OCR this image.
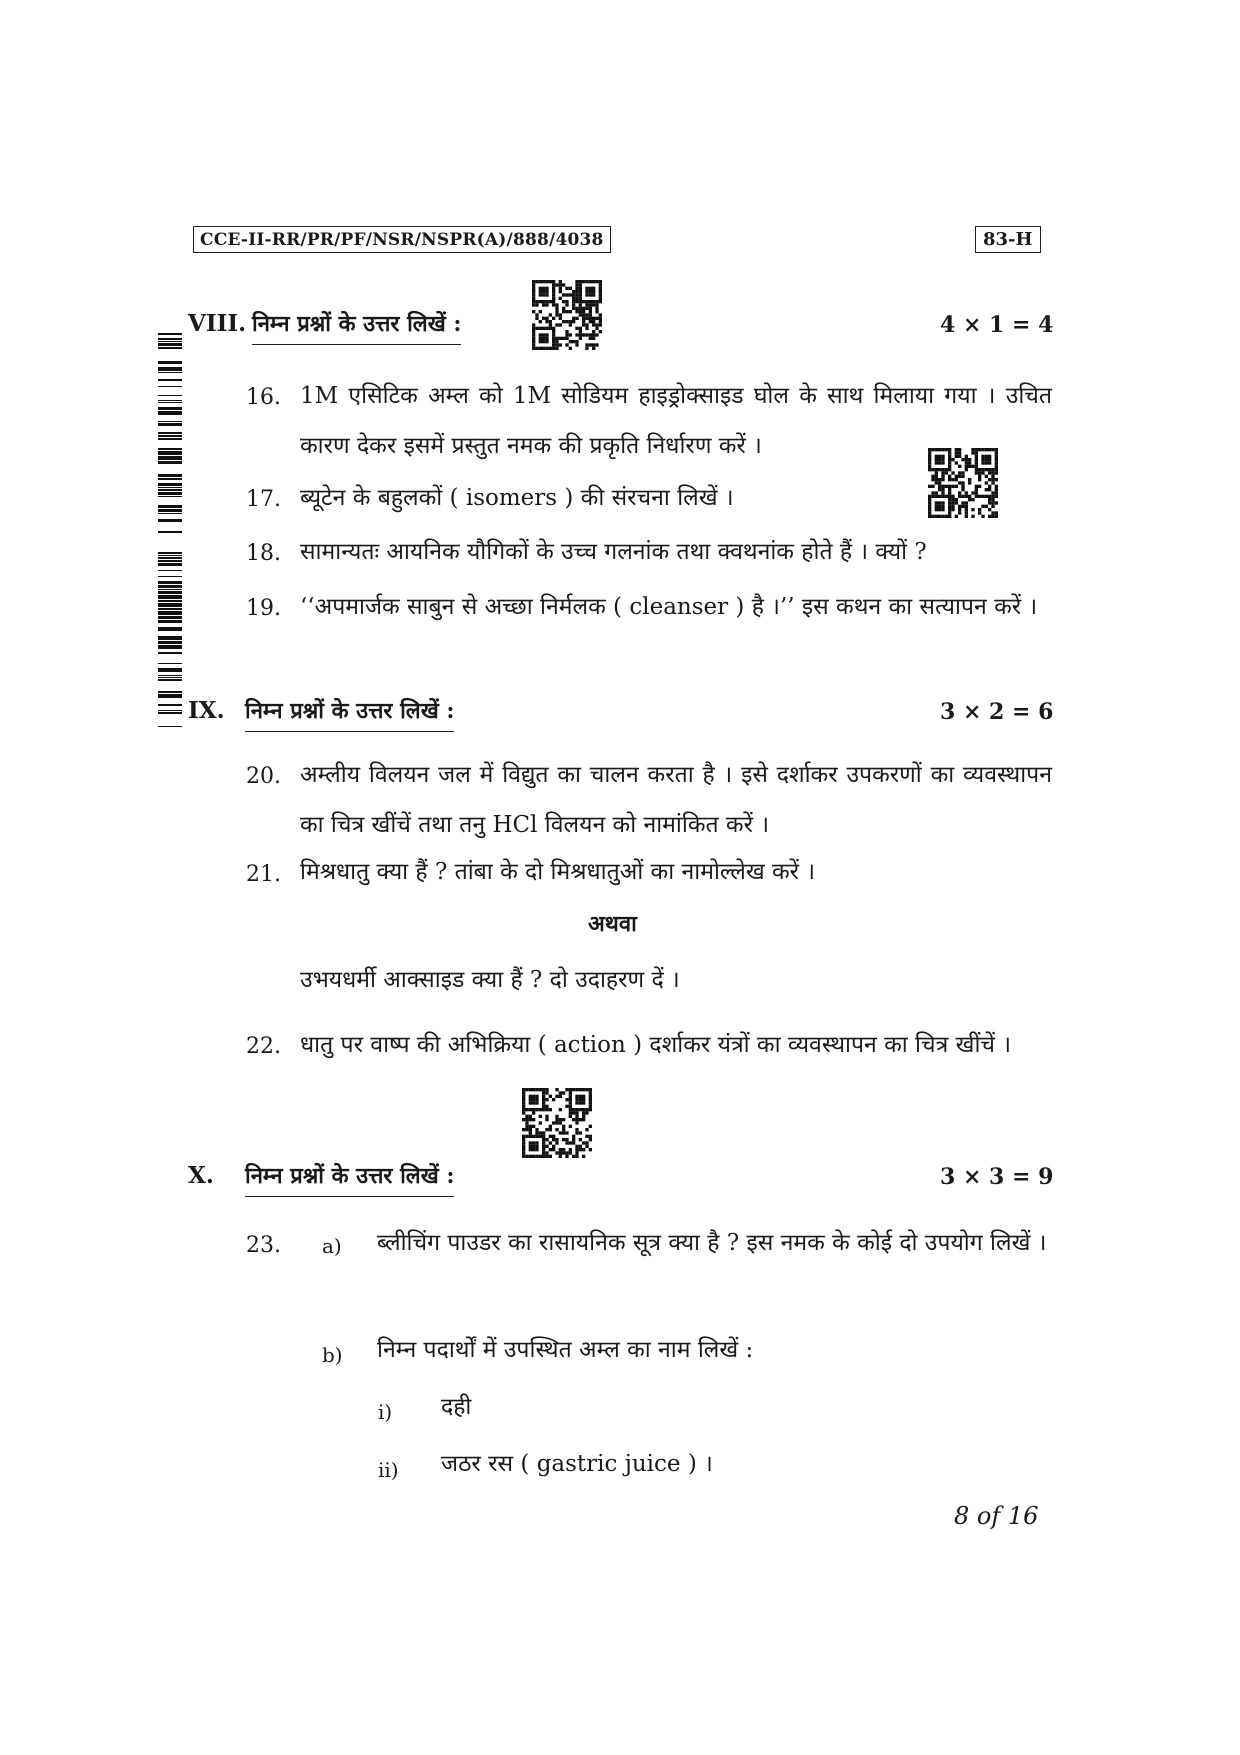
CCE-II-RR/PR/PF/NSR/NSPR(A)/888/4038	83-H
VIII. निम्न प्रश्नों के उत्तर लिखें :	4 × 1 = 4
16. 1M एसिटिक अम्ल को 1M सोडियम हाइड्रोक्साइड घोल के साथ मिलाया गया । उचित कारण देकर इसमें प्रस्तुत नमक की प्रकृति निर्धारण करें ।
17. ब्यूटेन के बहुलकों ( isomers ) की संरचना लिखें ।
18. सामान्यतः आयनिक यौगिकों के उच्च गलनांक तथा क्वथनांक होते हैं । क्यों ?
19. ‘‘अपमार्जक साबुन से अच्छा निर्मलक ( cleanser ) है ।’’ इस कथन का सत्यापन करें ।
IX. निम्न प्रश्नों के उत्तर लिखें :	3 × 2 = 6
20. अम्लीय विलयन जल में विद्युत का चालन करता है । इसे दर्शाकर उपकरणों का व्यवस्थापन का चित्र खींचें तथा तनु HCl विलयन को नामांकित करें ।
21. मिश्रधातु क्या हैं ? तांबा के दो मिश्रधातुओं का नामोल्लेख करें ।
अथवा
उभयधर्मी आक्साइड क्या हैं ? दो उदाहरण दें ।
22. धातु पर वाष्प की अभिक्रिया ( action ) दर्शाकर यंत्रों का व्यवस्थापन का चित्र खींचें ।
X. निम्न प्रश्नों के उत्तर लिखें :	3 × 3 = 9
23.	a) ब्लीचिंग पाउडर का रासायनिक सूत्र क्या है ? इस नमक के कोई दो उपयोग लिखें ।
b) निम्न पदार्थों में उपस्थित अम्ल का नाम लिखें :
i) दही
ii) जठर रस ( gastric juice ) ।
8 of 16
